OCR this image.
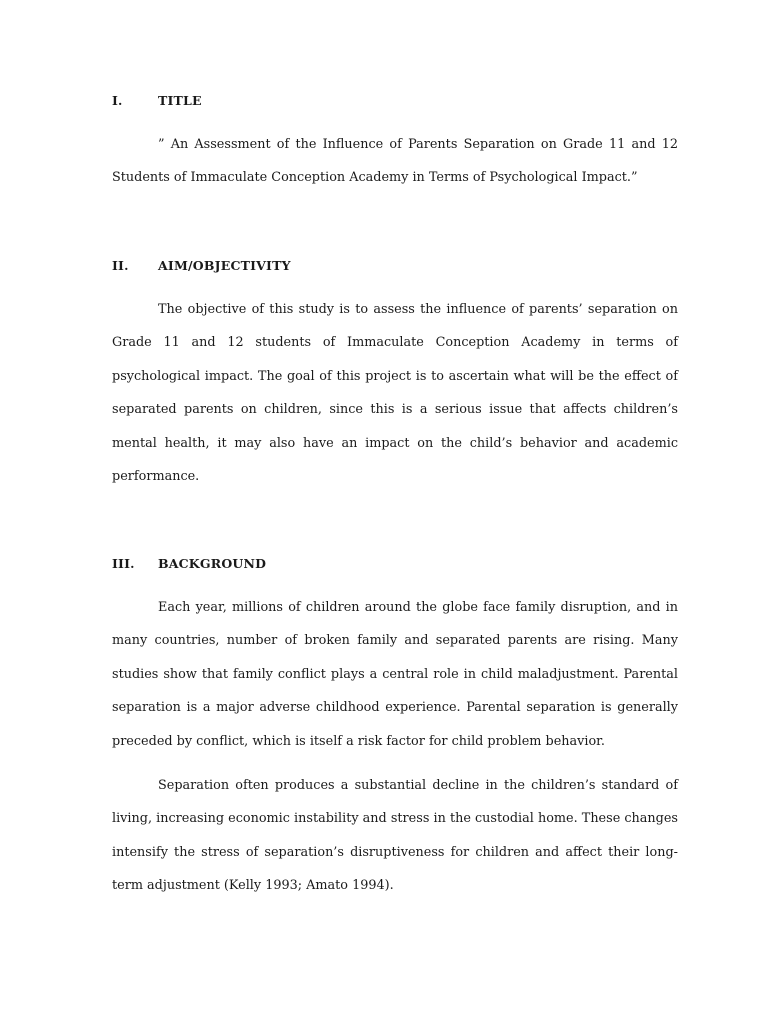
I.	TITLE

” An Assessment of the Influence of Parents Separation on Grade 11 and 12 Students of Immaculate Conception Academy in Terms of Psychological Impact.”

II.	AIM/OBJECTIVITY

The objective of this study is to assess the influence of parents’ separation on Grade 11 and 12 students of Immaculate Conception Academy in terms of psychological impact. The goal of this project is to ascertain what will be the effect of separated parents on children, since this is a serious issue that affects children’s mental health, it may also have an impact on the child’s behavior and academic performance.

III.	BACKGROUND

Each year, millions of children around the globe face family disruption, and in many countries, number of broken family and separated parents are rising. Many studies show that family conflict plays a central role in child maladjustment. Parental separation is a major adverse childhood experience. Parental separation is generally preceded by conflict, which is itself a risk factor for child problem behavior.

Separation often produces a substantial decline in the children’s standard of living, increasing economic instability and stress in the custodial home. These changes intensify the stress of separation’s disruptiveness for children and affect their long-term adjustment (Kelly 1993; Amato 1994).
